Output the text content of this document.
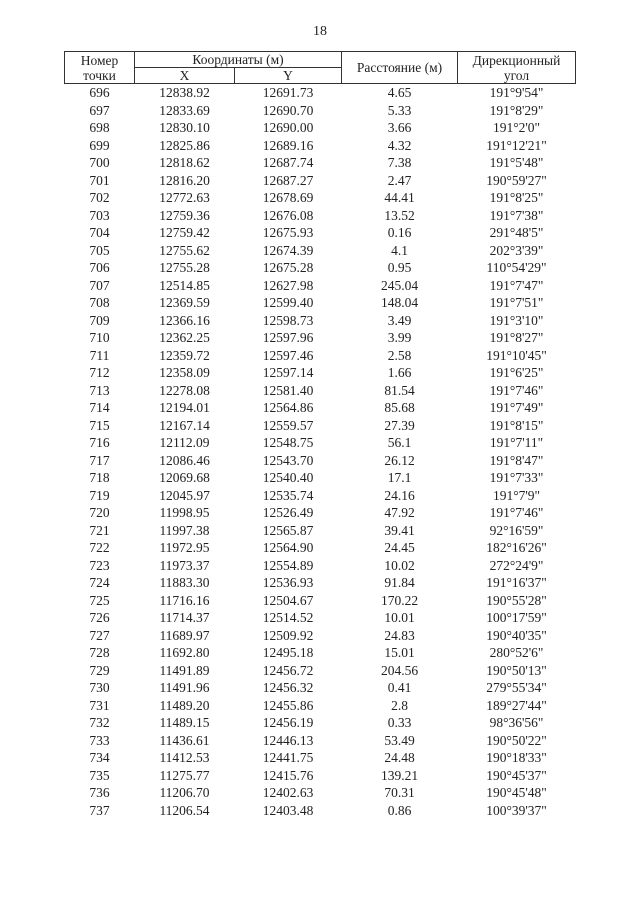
18
Номер
точки	Координаты (м)		Расстояние (м)	Дирекционный
угол
	X	Y		
696	12838.92	12691.73	4.65	191°9'54"
697	12833.69	12690.70	5.33	191°8'29"
698	12830.10	12690.00	3.66	191°2'0"
699	12825.86	12689.16	4.32	191°12'21"
700	12818.62	12687.74	7.38	191°5'48"
701	12816.20	12687.27	2.47	190°59'27"
702	12772.63	12678.69	44.41	191°8'25"
703	12759.36	12676.08	13.52	191°7'38"
704	12759.42	12675.93	0.16	291°48'5"
705	12755.62	12674.39	4.1	202°3'39"
706	12755.28	12675.28	0.95	110°54'29"
707	12514.85	12627.98	245.04	191°7'47"
708	12369.59	12599.40	148.04	191°7'51"
709	12366.16	12598.73	3.49	191°3'10"
710	12362.25	12597.96	3.99	191°8'27"
711	12359.72	12597.46	2.58	191°10'45"
712	12358.09	12597.14	1.66	191°6'25"
713	12278.08	12581.40	81.54	191°7'46"
714	12194.01	12564.86	85.68	191°7'49"
715	12167.14	12559.57	27.39	191°8'15"
716	12112.09	12548.75	56.1	191°7'11"
717	12086.46	12543.70	26.12	191°8'47"
718	12069.68	12540.40	17.1	191°7'33"
719	12045.97	12535.74	24.16	191°7'9"
720	11998.95	12526.49	47.92	191°7'46"
721	11997.38	12565.87	39.41	92°16'59"
722	11972.95	12564.90	24.45	182°16'26"
723	11973.37	12554.89	10.02	272°24'9"
724	11883.30	12536.93	91.84	191°16'37"
725	11716.16	12504.67	170.22	190°55'28"
726	11714.37	12514.52	10.01	100°17'59"
727	11689.97	12509.92	24.83	190°40'35"
728	11692.80	12495.18	15.01	280°52'6"
729	11491.89	12456.72	204.56	190°50'13"
730	11491.96	12456.32	0.41	279°55'34"
731	11489.20	12455.86	2.8	189°27'44"
732	11489.15	12456.19	0.33	98°36'56"
733	11436.61	12446.13	53.49	190°50'22"
734	11412.53	12441.75	24.48	190°18'33"
735	11275.77	12415.76	139.21	190°45'37"
736	11206.70	12402.63	70.31	190°45'48"
737	11206.54	12403.48	0.86	100°39'37"
